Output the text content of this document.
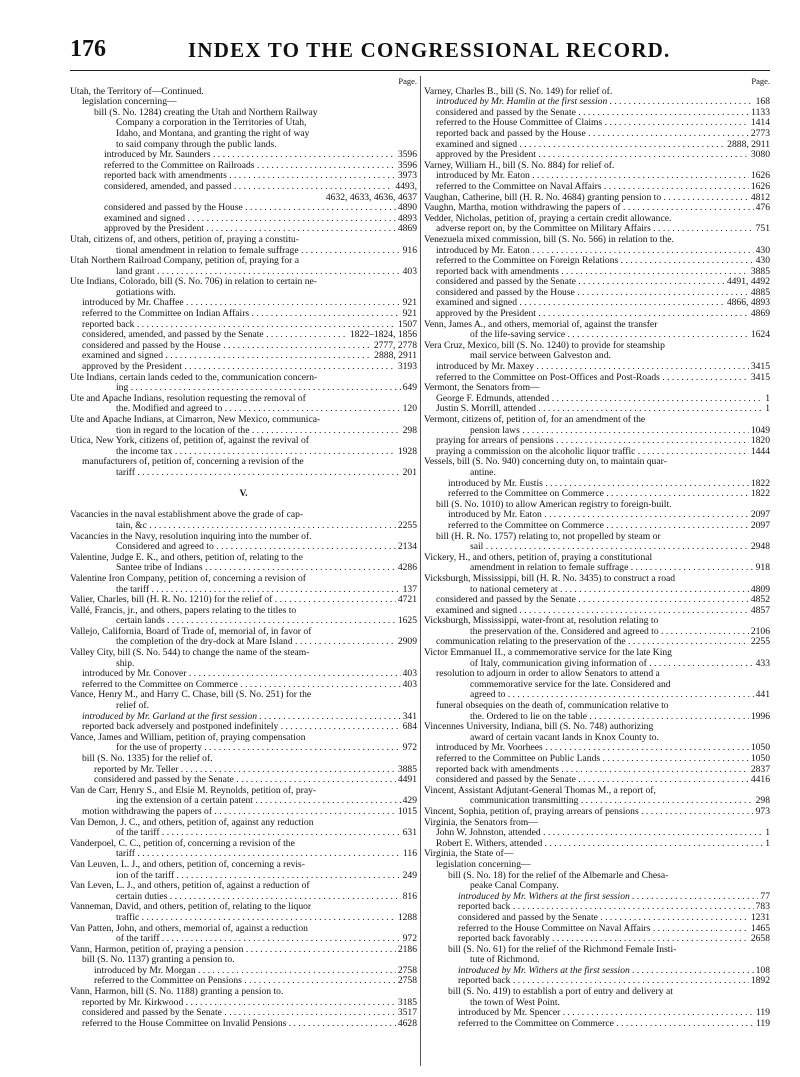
176	INDEX TO THE CONGRESSIONAL RECORD.
Page.
Utah, the Territory of—Continued.
legislation concerning—
bill (S. No. 1284) creating the Utah and Northern Railway
Company a corporation in the Territories of Utah,
Idaho, and Montana, and granting the right of way
to said company through the public lands.
introduced by Mr. Saunders . . .	3596
referred to the Committee on Railroads . . .	3596
reported back with amendments . . .	3973
considered, amended, and passed . . .	4493,
4632, 4633, 4636, 4637
considered and passed by the House . . .	4890
examined and signed . . .	4893
approved by the President . . .	4869
Utah, citizens of, and others, petition of, praying a constitu-
tional amendment in relation to female suffrage . . .	916
Utah Northern Railroad Company, petition of, praying for a
land grant . . .	403
Ute Indians, Colorado, bill (S. No. 706) in relation to certain ne-
gotiations with.
introduced by Mr. Chaffee . . .	921
referred to the Committee on Indian Affairs . . .	921
reported back . . .	1507
considered, amended, and passed by the Senate . . .	1822–1824, 1856
considered and passed by the House . . .	2777, 2778
examined and signed . . .	2888, 2911
approved by the President . . .	3193
Ute Indians, certain lands ceded to the, communication concern-
ing . . .	649
Ute and Apache Indians, resolution requesting the removal of
the. Modified and agreed to . . .	120
Ute and Apache Indians, at Cimarron, New Mexico, communica-
tion in regard to the location of the . . .	298
Utica, New York, citizens of, petition of, against the revival of
the income tax . . .	1928
manufacturers of, petition of, concerning a revision of the
tariff . . .	201
V.
Vacancies in the naval establishment above the grade of cap-
tain, &c . . .	2255
Vacancies in the Navy, resolution inquiring into the number of.
Considered and agreed to . . .	2134
Valentine, Judge E. K., and others, petition of, relating to the
Santee tribe of Indians . . .	4286
Valentine Iron Company, petition of, concerning a revision of
the tariff . . .	137
Valier, Charles, bill (H. R. No. 1210) for the relief of . . .	4721
Vallé, Francis, jr., and others, papers relating to the titles to
certain lands . . .	1625
Vallejo, California, Board of Trade of, memorial of, in favor of
the completion of the dry-dock at Mare Island . . .	2909
Valley City, bill (S. No. 544) to change the name of the steam-
ship.
introduced by Mr. Conover . . .	403
referred to the Committee on Commerce . . .	403
Vance, Henry M., and Harry C. Chase, bill (S. No. 251) for the
relief of.
introduced by Mr. Garland at the first session . . .	341
reported back adversely and postponed indefinitely . . .	684
Vance, James and William, petition of, praying compensation
for the use of property . . .	972
bill (S. No. 1335) for the relief of.
reported by Mr. Teller . . .	3885
considered and passed by the Senate . . .	4491
Van de Carr, Henry S., and Elsie M. Reynolds, petition of, pray-
ing the extension of a certain patent . . .	429
motion withdrawing the papers of . . .	1015
Van Demon, J. C., and others, petition of, against any reduction
of the tariff . . .	631
Vanderpoel, C. C., petition of, concerning a revision of the
tariff . . .	116
Van Leuven, L. J., and others, petition of, concerning a revis-
ion of the tariff . . .	249
Van Leven, L. J., and others, petition of, against a reduction of
certain duties . . .	816
Vanneman, David, and others, petition of, relating to the liquor
traffic . . .	1288
Van Patten, John, and others, memorial of, against a reduction
of the tariff . . .	972
Vann, Harmon, petition of, praying a pension . . .	2186
bill (S. No. 1137) granting a pension to.
introduced by Mr. Morgan . . .	2758
referred to the Committee on Pensions . . .	2758
Vann, Harmon, bill (S. No. 1188) granting a pension to.
reported by Mr. Kirkwood . . .	3185
considered and passed by the Senate . . .	3517
referred to the House Committee on Invalid Pensions . . .	4628
Page.
Varney, Charles B., bill (S. No. 149) for relief of.
introduced by Mr. Hamlin at the first session . . .	168
considered and passed by the Senate . . .	1133
referred to the House Committee of Claims . . .	1414
reported back and passed by the House . . .	2773
examined and signed . . .	2888, 2911
approved by the President . . .	3080
Varney, William H., bill (S. No. 884) for relief of.
introduced by Mr. Eaton . . .	1626
referred to the Committee on Naval Affairs . . .	1626
Vaughan, Catherine, bill (H. R. No. 4684) granting pension to . . .	4812
Vaughn, Martha, motion withdrawing the papers of . . .	476
Vedder, Nicholas, petition of, praying a certain credit allowance.
adverse report on, by the Committee on Military Affairs . . .	751
Venezuela mixed commission, bill (S. No. 566) in relation to the.
introduced by Mr. Eaton . . .	430
referred to the Committee on Foreign Relations . . .	430
reported back with amendments . . .	3885
considered and passed by the Senate . . .	4491, 4492
considered and passed by the House . . .	4885
examined and signed . . .	4866, 4893
approved by the President . . .	4869
Venn, James A., and others, memorial of, against the transfer
of the life-saving service . . .	1624
Vera Cruz, Mexico, bill (S. No. 1240) to provide for steamship
mail service between Galveston and.
introduced by Mr. Maxey . . .	3415
referred to the Committee on Post-Offices and Post-Roads . . .	3415
Vermont, the Senators from—
George F. Edmunds, attended . . .	1
Justin S. Morrill, attended . . .	1
Vermont, citizens of, petition of, for an amendment of the
pension laws . . .	1049
praying for arrears of pensions . . .	1820
praying a commission on the alcoholic liquor traffic . . .	1444
Vessels, bill (S. No. 940) concerning duty on, to maintain quar-
antine.
introduced by Mr. Eustis . . .	1822
referred to the Committee on Commerce . . .	1822
bill (S. No. 1010) to allow American registry to foreign-built.
introduced by Mr. Eaton . . .	2097
referred to the Committee on Commerce . . .	2097
bill (H. R. No. 1757) relating to, not propelled by steam or
sail . . .	2948
Vickery, H., and others, petition of, praying a constitutional
amendment in relation to female suffrage . . .	918
Vicksburgh, Mississippi, bill (H. R. No. 3435) to construct a road
to national cemetery at . . .	4809
considered and passed by the Senate . . .	4852
examined and signed . . .	4857
Vicksburgh, Mississippi, water-front at, resolution relating to
the preservation of the. Considered and agreed to . . .	2106
communication relating to the preservation of the . . .	2255
Victor Emmanuel II., a commemorative service for the late King
of Italy, communication giving information of . . .	433
resolution to adjourn in order to allow Senators to attend a
commemorative service for the late. Considered and
agreed to . . .	441
funeral obsequies on the death of, communication relative to
the. Ordered to lie on the table . . .	1996
Vincennes University, Indiana, bill (S. No. 748) authorizing
award of certain vacant lands in Knox County to.
introduced by Mr. Voorhees . . .	1050
referred to the Committee on Public Lands . . .	1050
reported back with amendments . . .	2837
considered and passed by the Senate . . .	4416
Vincent, Assistant Adjutant-General Thomas M., a report of,
communication transmitting . . .	298
Vincent, Sophia, petition of, praying arrears of pensions . . .	973
Virginia, the Senators from—
John W. Johnston, attended . . .	1
Robert E. Withers, attended . . .	1
Virginia, the State of—
legislation concerning—
bill (S. No. 18) for the relief of the Albemarle and Chesa-
peake Canal Company.
introduced by Mr. Withers at the first session . . .	77
reported back . . .	783
considered and passed by the Senate . . .	1231
referred to the House Committee on Naval Affairs . . .	1465
reported back favorably . . .	2658
bill (S. No. 61) for the relief of the Richmond Female Insti-
tute of Richmond.
introduced by Mr. Withers at the first session . . .	108
reported back . . .	1892
bill (S. No. 419) to establish a port of entry and delivery at
the town of West Point.
introduced by Mr. Spencer . . .	119
referred to the Committee on Commerce . . .	119
